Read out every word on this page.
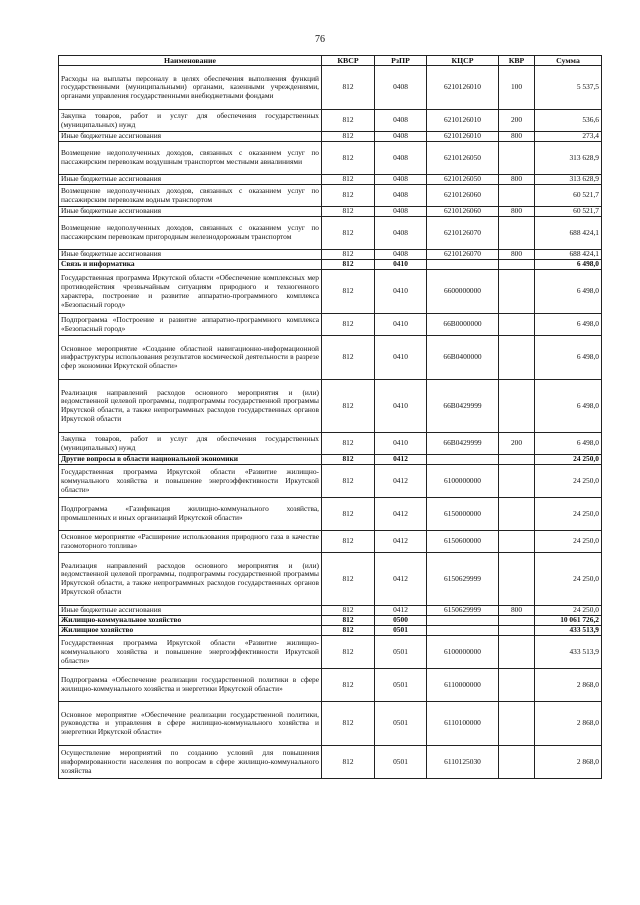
76
Наименование	КВСР	РзПР	КЦСР	КВР	Сумма
Расходы на выплаты персоналу в целях обеспечения выполнения функций государственными (муниципальными) органами, казенными учреждениями, органами управления государственными внебюджетными фондами	812	0408	6210126010	100	5 537,5
Закупка товаров, работ и услуг для обеспечения государственных (муниципальных) нужд	812	0408	6210126010	200	536,6
Иные бюджетные ассигнования	812	0408	6210126010	800	273,4
Возмещение недополученных доходов, связанных с оказанием услуг по пассажирским перевозкам воздушным транспортом местными авиалиниями	812	0408	6210126050		313 628,9
Иные бюджетные ассигнования	812	0408	6210126050	800	313 628,9
Возмещение недополученных доходов, связанных с оказанием услуг по пассажирским перевозкам водным транспортом	812	0408	6210126060		60 521,7
Иные бюджетные ассигнования	812	0408	6210126060	800	60 521,7
Возмещение недополученных доходов, связанных с оказанием услуг по пассажирским перевозкам пригородным железнодорожным транспортом	812	0408	6210126070		688 424,1
Иные бюджетные ассигнования	812	0408	6210126070	800	688 424,1
Связь и информатика	812	0410			6 498,0
Государственная программа Иркутской области «Обеспечение комплексных мер противодействия чрезвычайным ситуациям природного и техногенного характера, построение и развитие аппаратно-программного комплекса «Безопасный город»	812	0410	6600000000		6 498,0
Подпрограмма «Построение и развитие аппаратно-программного комплекса «Безопасный город»	812	0410	66В0000000		6 498,0
Основное мероприятие «Создание областной навигационно-информационной инфраструктуры использования результатов космической деятельности в разрезе сфер экономики Иркутской области»	812	0410	66В0400000		6 498,0
Реализация направлений расходов основного мероприятия и (или) ведомственной целевой программы, подпрограммы государственной программы Иркутской области, а также непрограммных расходов государственных органов Иркутской области	812	0410	66В0429999		6 498,0
Закупка товаров, работ и услуг для обеспечения государственных (муниципальных) нужд	812	0410	66В0429999	200	6 498,0
Другие вопросы в области национальной экономики	812	0412			24 250,0
Государственная программа Иркутской области «Развитие жилищно-коммунального хозяйства и повышение энергоэффективности Иркутской области»	812	0412	6100000000		24 250,0
Подпрограмма «Газификация жилищно-коммунального хозяйства, промышленных и иных организаций Иркутской области»	812	0412	6150000000		24 250,0
Основное мероприятие «Расширение использования природного газа в качестве газомоторного топлива»	812	0412	6150600000		24 250,0
Реализация направлений расходов основного мероприятия и (или) ведомственной целевой программы, подпрограммы государственной программы Иркутской области, а также непрограммных расходов государственных органов Иркутской области	812	0412	6150629999		24 250,0
Иные бюджетные ассигнования	812	0412	6150629999	800	24 250,0
Жилищно-коммунальное хозяйство	812	0500			10 061 726,2
Жилищное хозяйство	812	0501			433 513,9
Государственная программа Иркутской области «Развитие жилищно-коммунального хозяйства и повышение энергоэффективности Иркутской области»	812	0501	6100000000		433 513,9
Подпрограмма «Обеспечение реализации государственной политики в сфере жилищно-коммунального хозяйства и энергетики Иркутской области»	812	0501	6110000000		2 868,0
Основное мероприятие «Обеспечение реализации государственной политики, руководства и управления в сфере жилищно-коммунального хозяйства и энергетики Иркутской области»	812	0501	6110100000		2 868,0
Осуществление мероприятий по созданию условий для повышения информированности населения по вопросам в сфере жилищно-коммунального хозяйства	812	0501	6110125030		2 868,0
